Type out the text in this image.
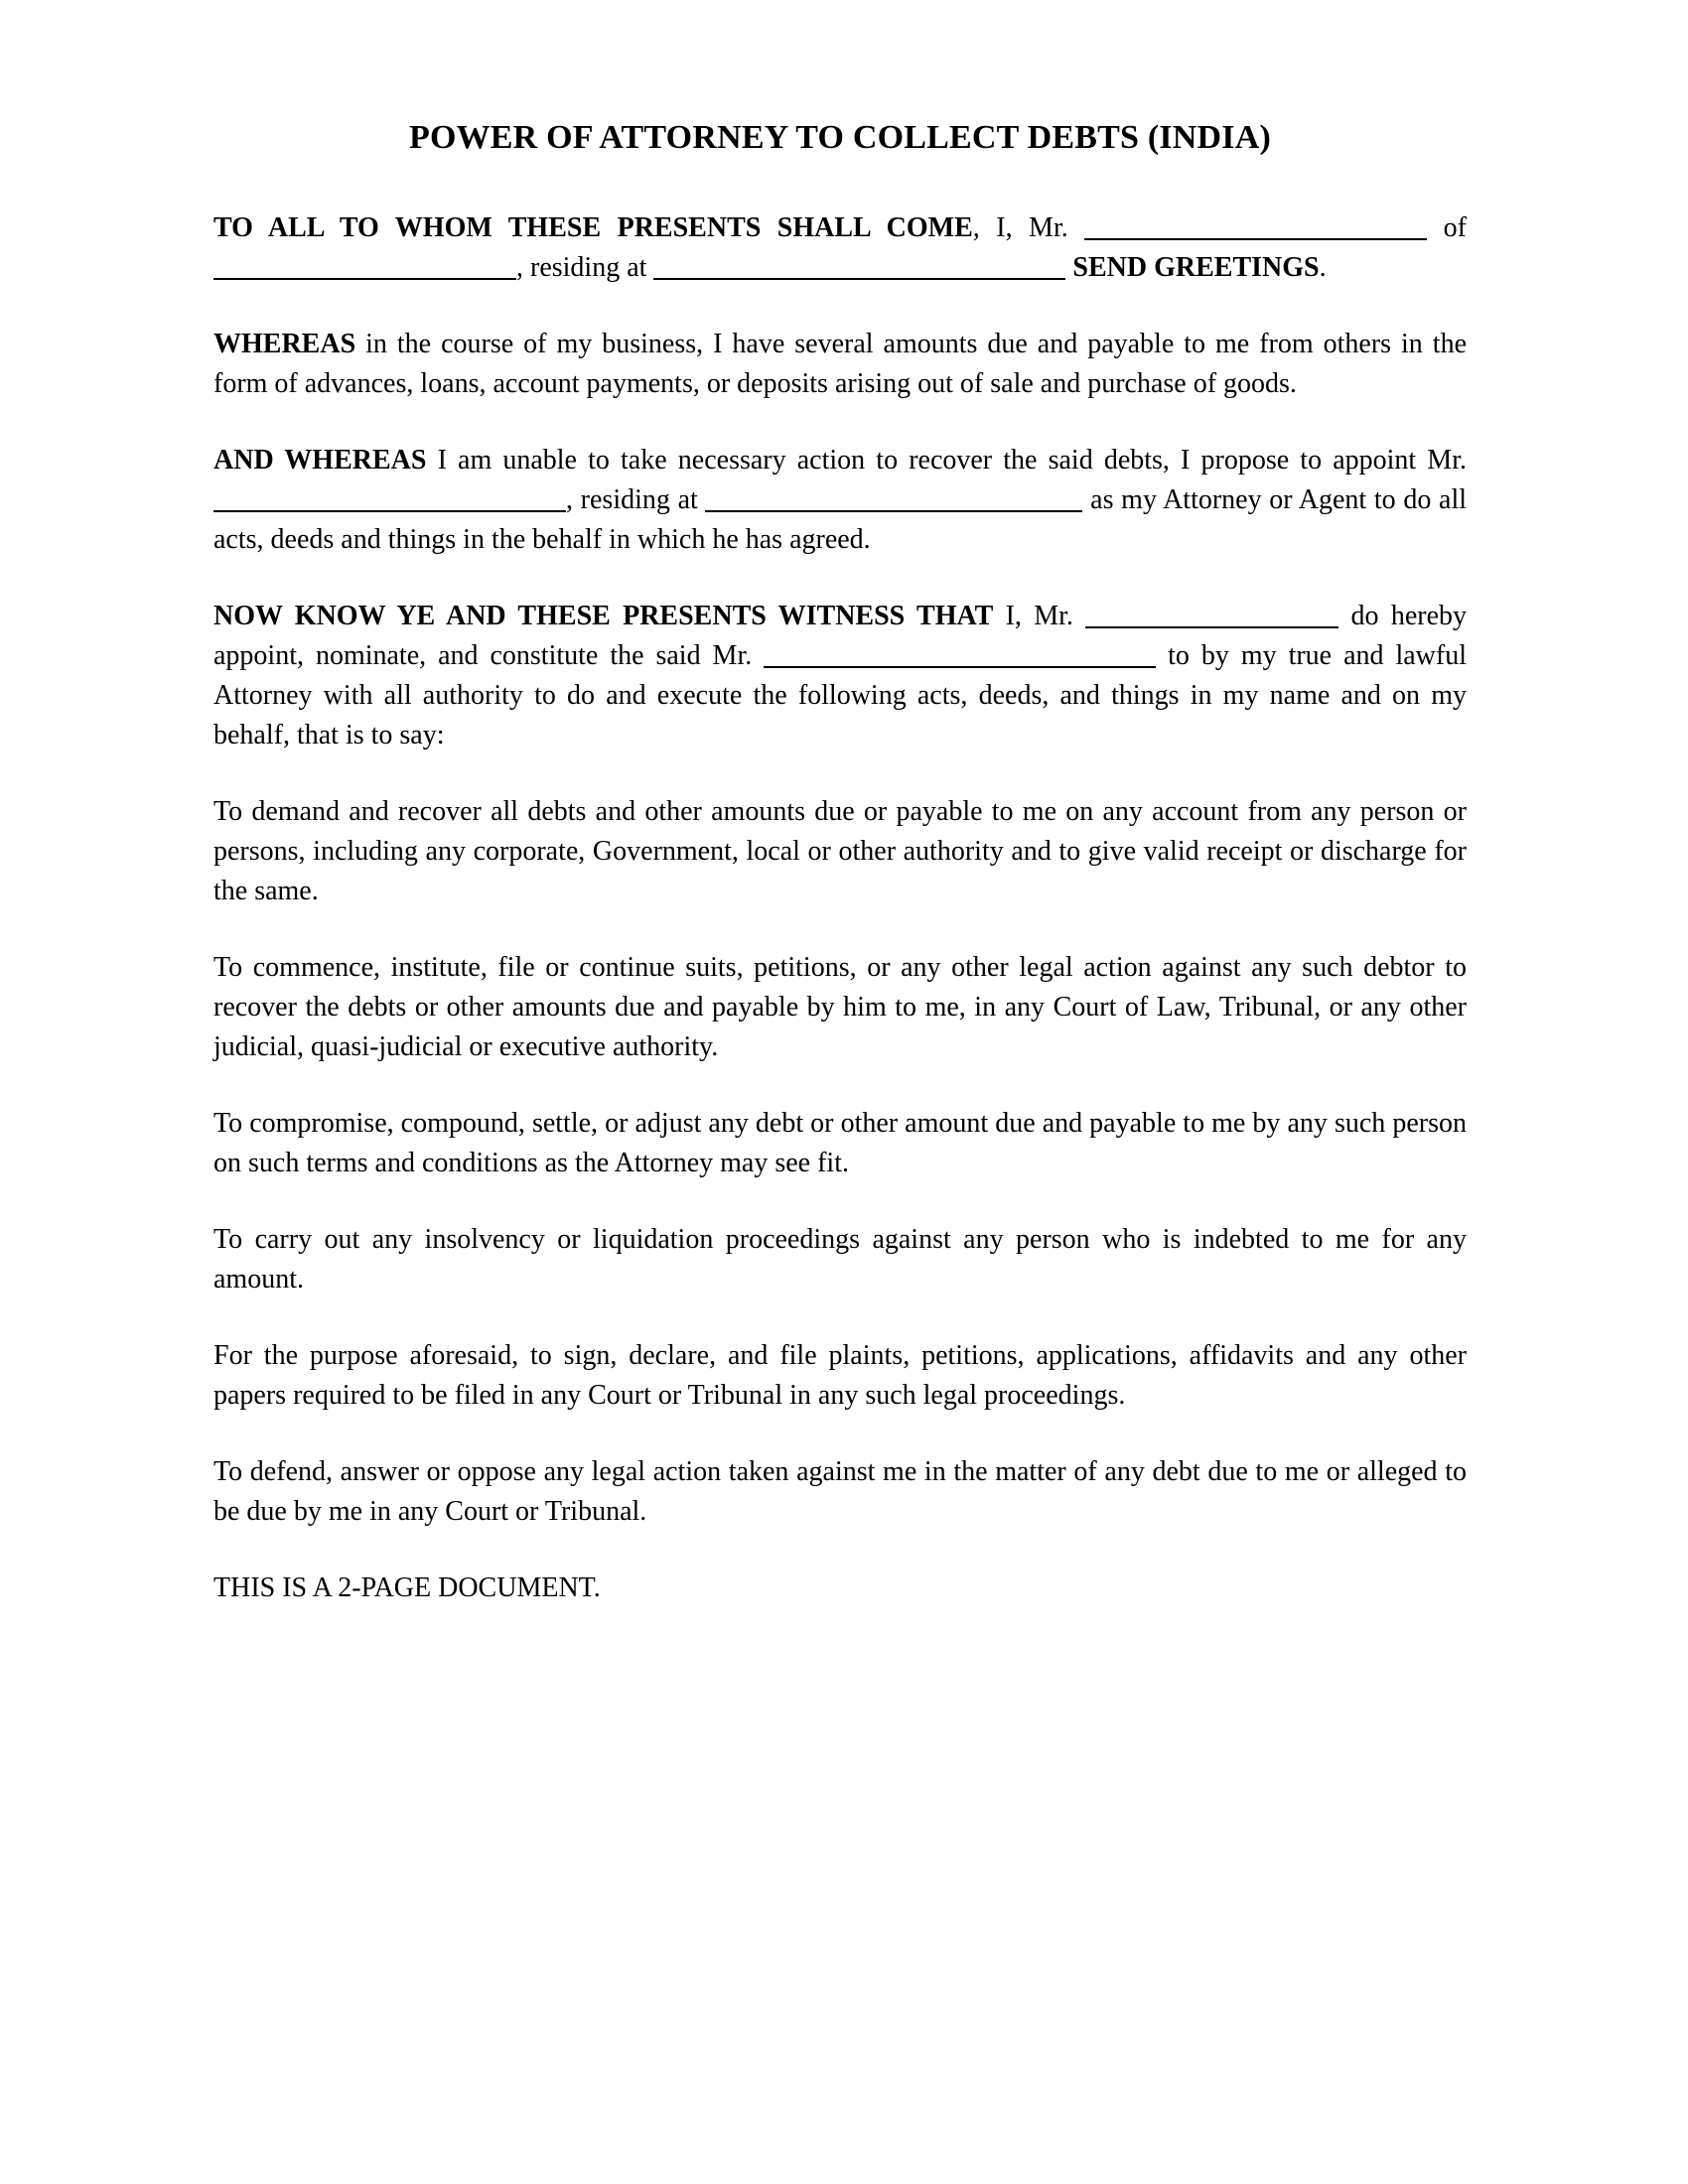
POWER OF ATTORNEY TO COLLECT DEBTS (INDIA)

TO ALL TO WHOM THESE PRESENTS SHALL COME, I, Mr.	of , residing at	SEND GREETINGS.

WHEREAS in the course of my business, I have several amounts due and payable to me from others in the form of advances, loans, account payments, or deposits arising out of sale and purchase of goods.

AND WHEREAS I am unable to take necessary action to recover the said debts, I propose to appoint Mr. , residing at	as my Attorney or Agent to do all acts, deeds and things in the behalf in which he has agreed.

NOW KNOW YE AND THESE PRESENTS WITNESS THAT I, Mr.	do hereby appoint, nominate, and constitute the said Mr.	to by my true and lawful Attorney with all authority to do and execute the following acts, deeds, and things in my name and on my behalf, that is to say:

To demand and recover all debts and other amounts due or payable to me on any account from any person or persons, including any corporate, Government, local or other authority and to give valid receipt or discharge for the same.

To commence, institute, file or continue suits, petitions, or any other legal action against any such debtor to recover the debts or other amounts due and payable by him to me, in any Court of Law, Tribunal, or any other judicial, quasi-judicial or executive authority.

To compromise, compound, settle, or adjust any debt or other amount due and payable to me by any such person on such terms and conditions as the Attorney may see fit.

To carry out any insolvency or liquidation proceedings against any person who is indebted to me for any amount.

For the purpose aforesaid, to sign, declare, and file plaints, petitions, applications, affidavits and any other papers required to be filed in any Court or Tribunal in any such legal proceedings.

To defend, answer or oppose any legal action taken against me in the matter of any debt due to me or alleged to be due by me in any Court or Tribunal.

THIS IS A 2-PAGE DOCUMENT.
